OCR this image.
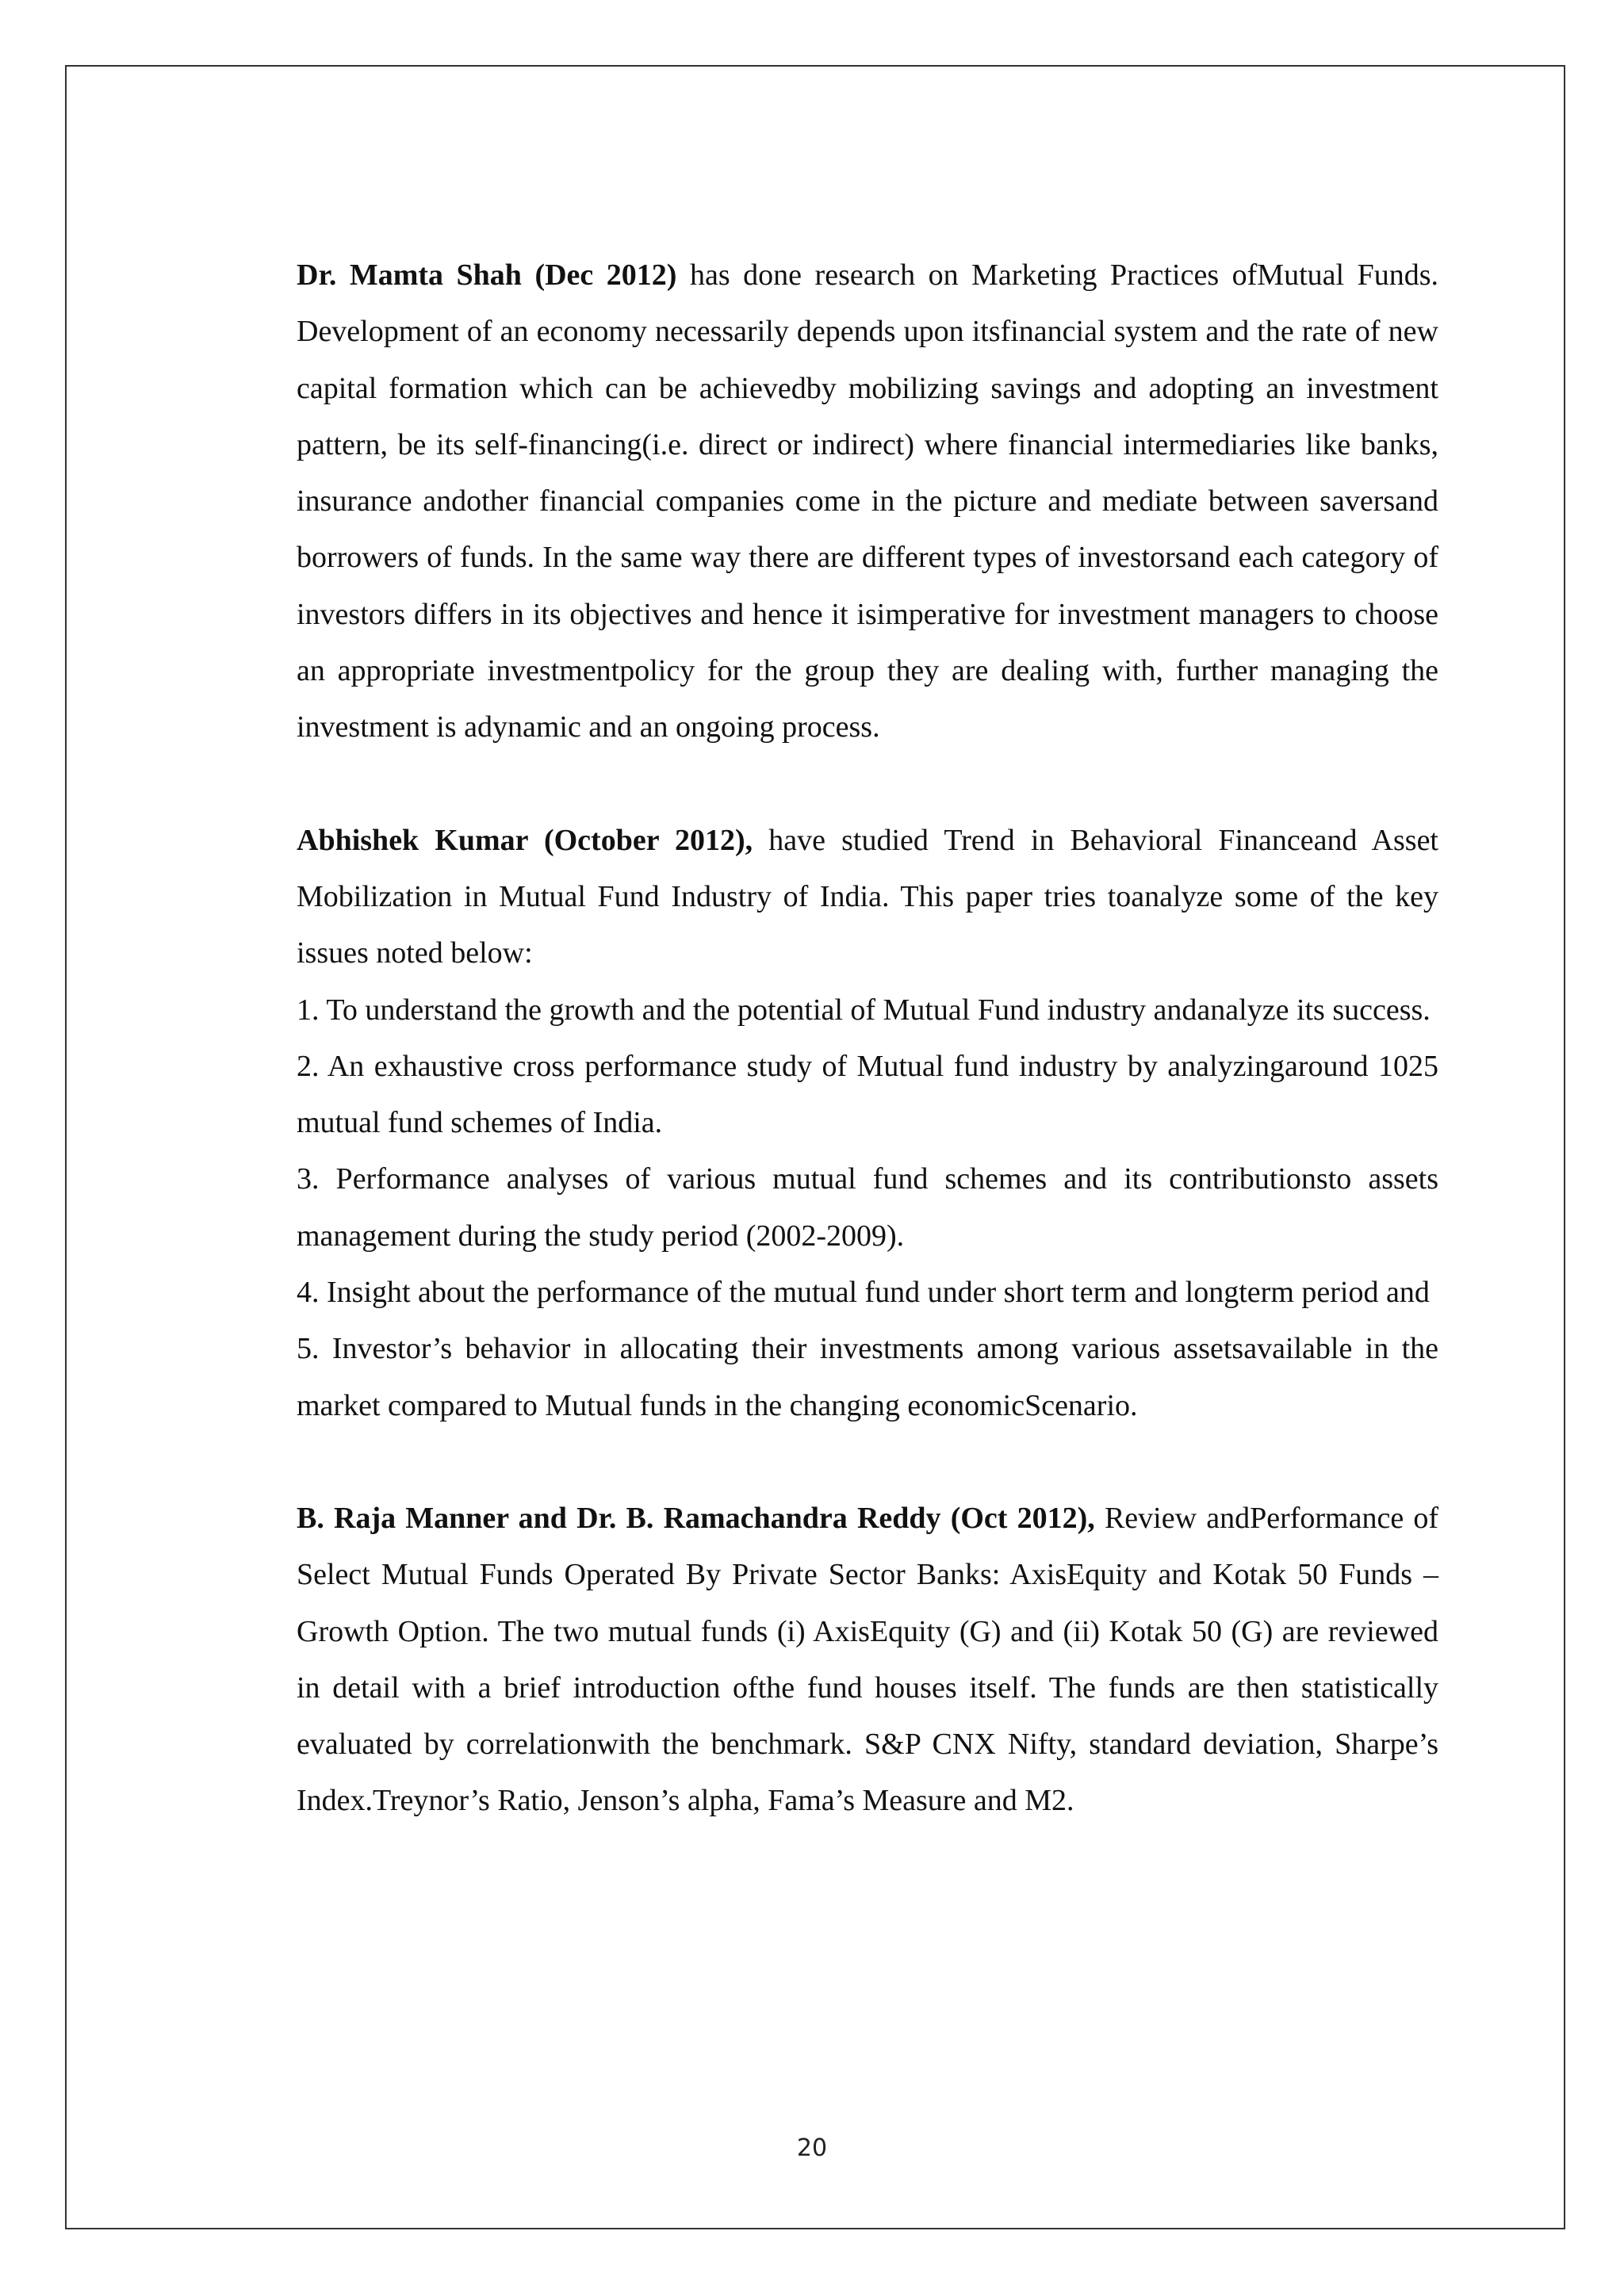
Dr. Mamta Shah (Dec 2012) has done research on Marketing Practices ofMutual Funds. Development of an economy necessarily depends upon itsfinancial system and the rate of new capital formation which can be achievedby mobilizing savings and adopting an investment pattern, be its self-financing(i.e. direct or indirect) where financial intermediaries like banks, insurance andother financial companies come in the picture and mediate between saversand borrowers of funds. In the same way there are different types of investorsand each category of investors differs in its objectives and hence it isimperative for investment managers to choose an appropriate investmentpolicy for the group they are dealing with, further managing the investment is adynamic and an ongoing process.

Abhishek Kumar (October 2012), have studied Trend in Behavioral Financeand Asset Mobilization in Mutual Fund Industry of India. This paper tries toanalyze some of the key issues noted below:

1. To understand the growth and the potential of Mutual Fund industry andanalyze its success.

2. An exhaustive cross performance study of Mutual fund industry by analyzingaround 1025 mutual fund schemes of India.

3. Performance analyses of various mutual fund schemes and its contributionsto assets management during the study period (2002-2009).

4. Insight about the performance of the mutual fund under short term and longterm period and

5. Investor’s behavior in allocating their investments among various assetsavailable in the market compared to Mutual funds in the changing economicScenario.

B. Raja Manner and Dr. B. Ramachandra Reddy (Oct 2012), Review andPerformance of Select Mutual Funds Operated By Private Sector Banks: AxisEquity and Kotak 50 Funds – Growth Option. The two mutual funds (i) AxisEquity (G) and (ii) Kotak 50 (G) are reviewed in detail with a brief introduction ofthe fund houses itself. The funds are then statistically evaluated by correlationwith the benchmark. S&P CNX Nifty, standard deviation, Sharpe’s Index.Treynor’s Ratio, Jenson’s alpha, Fama’s Measure and M2.

20
